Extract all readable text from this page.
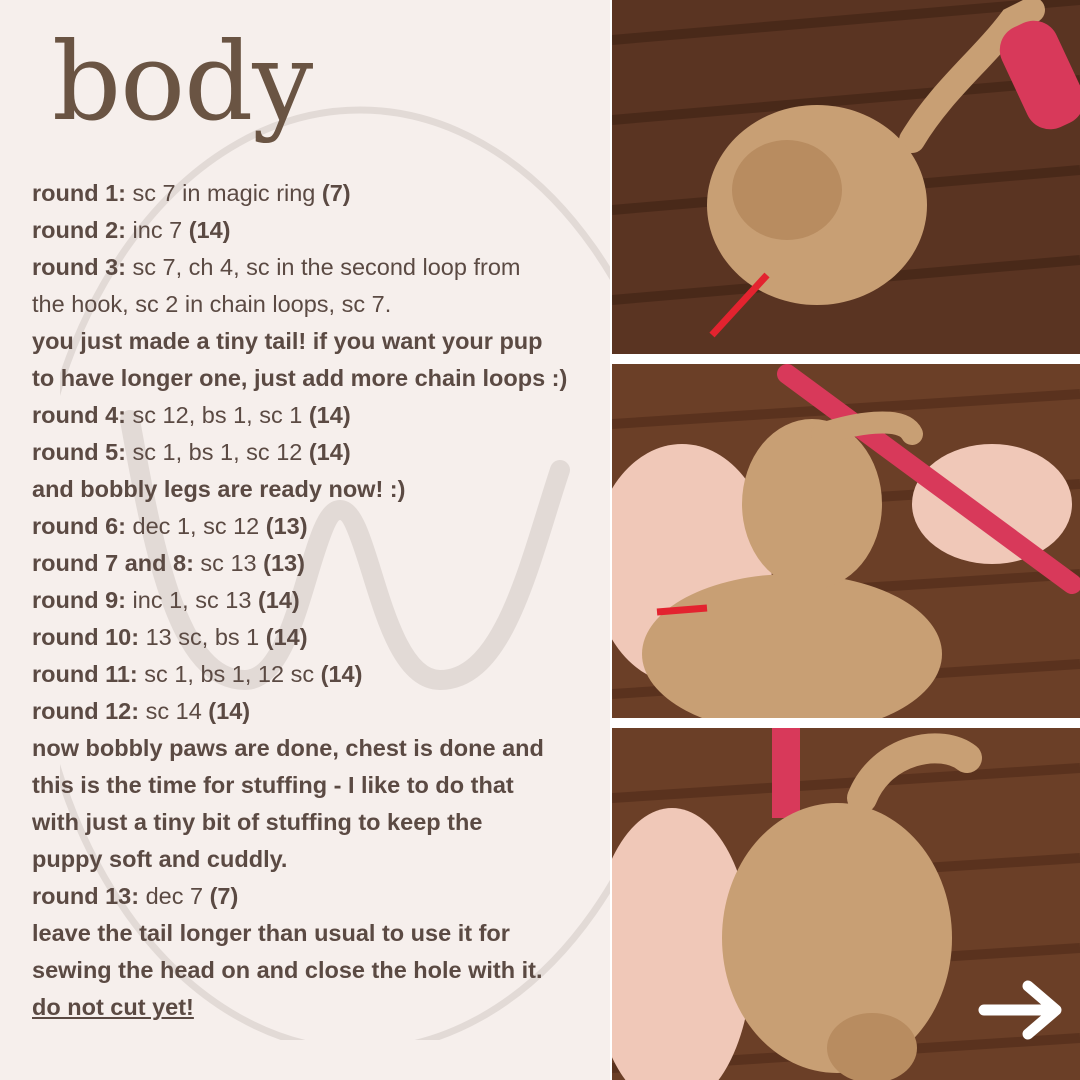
body
round 1: sc 7 in magic ring (7)
round 2: inc 7 (14)
round 3: sc 7, ch 4, sc in the second loop from
the hook, sc 2 in chain loops, sc 7.
you just made a tiny tail! if you want your pup
to have longer one, just add more chain loops :)
round 4: sc 12, bs 1, sc 1 (14)
round 5: sc 1, bs 1, sc 12 (14)
and bobbly legs are ready now! :)
round 6: dec 1, sc 12 (13)
round 7 and 8: sc 13 (13)
round 9: inc 1, sc 13 (14)
round 10: 13 sc, bs 1 (14)
round 11: sc 1, bs 1, 12 sc (14)
round 12: sc 14 (14)
now bobbly paws are done, chest is done and
this is the time for stuffing - I like to do that
with just a tiny bit of stuffing to keep the
puppy soft and cuddly.
round 13: dec 7 (7)
leave the tail longer than usual to use it for
sewing the head on and close the hole with it.
do not cut yet!
